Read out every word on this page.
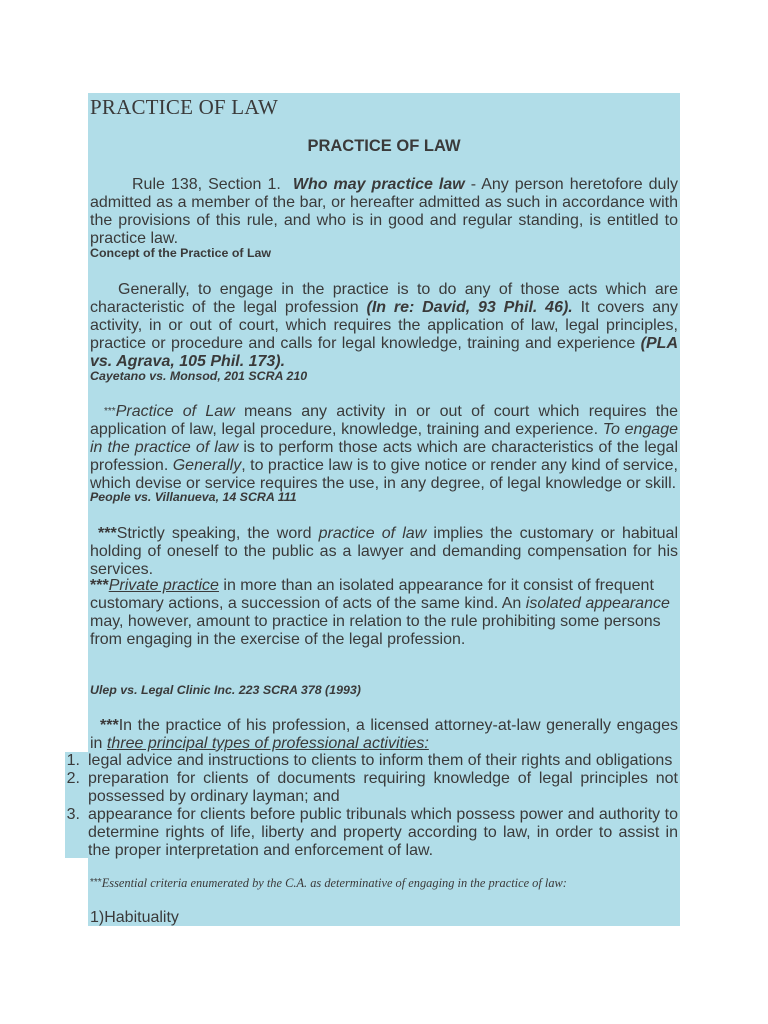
PRACTICE OF LAW
PRACTICE OF LAW

Rule 138, Section 1. Who may practice law - Any person heretofore duly admitted as a member of the bar, or hereafter admitted as such in accordance with the provisions of this rule, and who is in good and regular standing, is entitled to practice law.

Concept of the Practice of Law

Generally, to engage in the practice is to do any of those acts which are characteristic of the legal profession (In re: David, 93 Phil. 46). It covers any activity, in or out of court, which requires the application of law, legal principles, practice or procedure and calls for legal knowledge, training and experience (PLA vs. Agrava, 105 Phil. 173).

Cayetano vs. Monsod, 201 SCRA 210

***Practice of Law means any activity in or out of court which requires the application of law, legal procedure, knowledge, training and experience. To engage in the practice of law is to perform those acts which are characteristics of the legal profession. Generally, to practice law is to give notice or render any kind of service, which devise or service requires the use, in any degree, of legal knowledge or skill.

People vs. Villanueva, 14 SCRA 111

***Strictly speaking, the word practice of law implies the customary or habitual holding of oneself to the public as a lawyer and demanding compensation for his services.

***Private practice in more than an isolated appearance for it consist of frequent customary actions, a succession of acts of the same kind. An isolated appearance may, however, amount to practice in relation to the rule prohibiting some persons from engaging in the exercise of the legal profession.

Ulep vs. Legal Clinic Inc. 223 SCRA 378 (1993)

***In the practice of his profession, a licensed attorney-at-law generally engages in three principal types of professional activities:

1. legal advice and instructions to clients to inform them of their rights and obligations
2. preparation for clients of documents requiring knowledge of legal principles not possessed by ordinary layman; and
3. appearance for clients before public tribunals which possess power and authority to determine rights of life, liberty and property according to law, in order to assist in the proper interpretation and enforcement of law.

***Essential criteria enumerated by the C.A. as determinative of engaging in the practice of law:

1)Habituality
